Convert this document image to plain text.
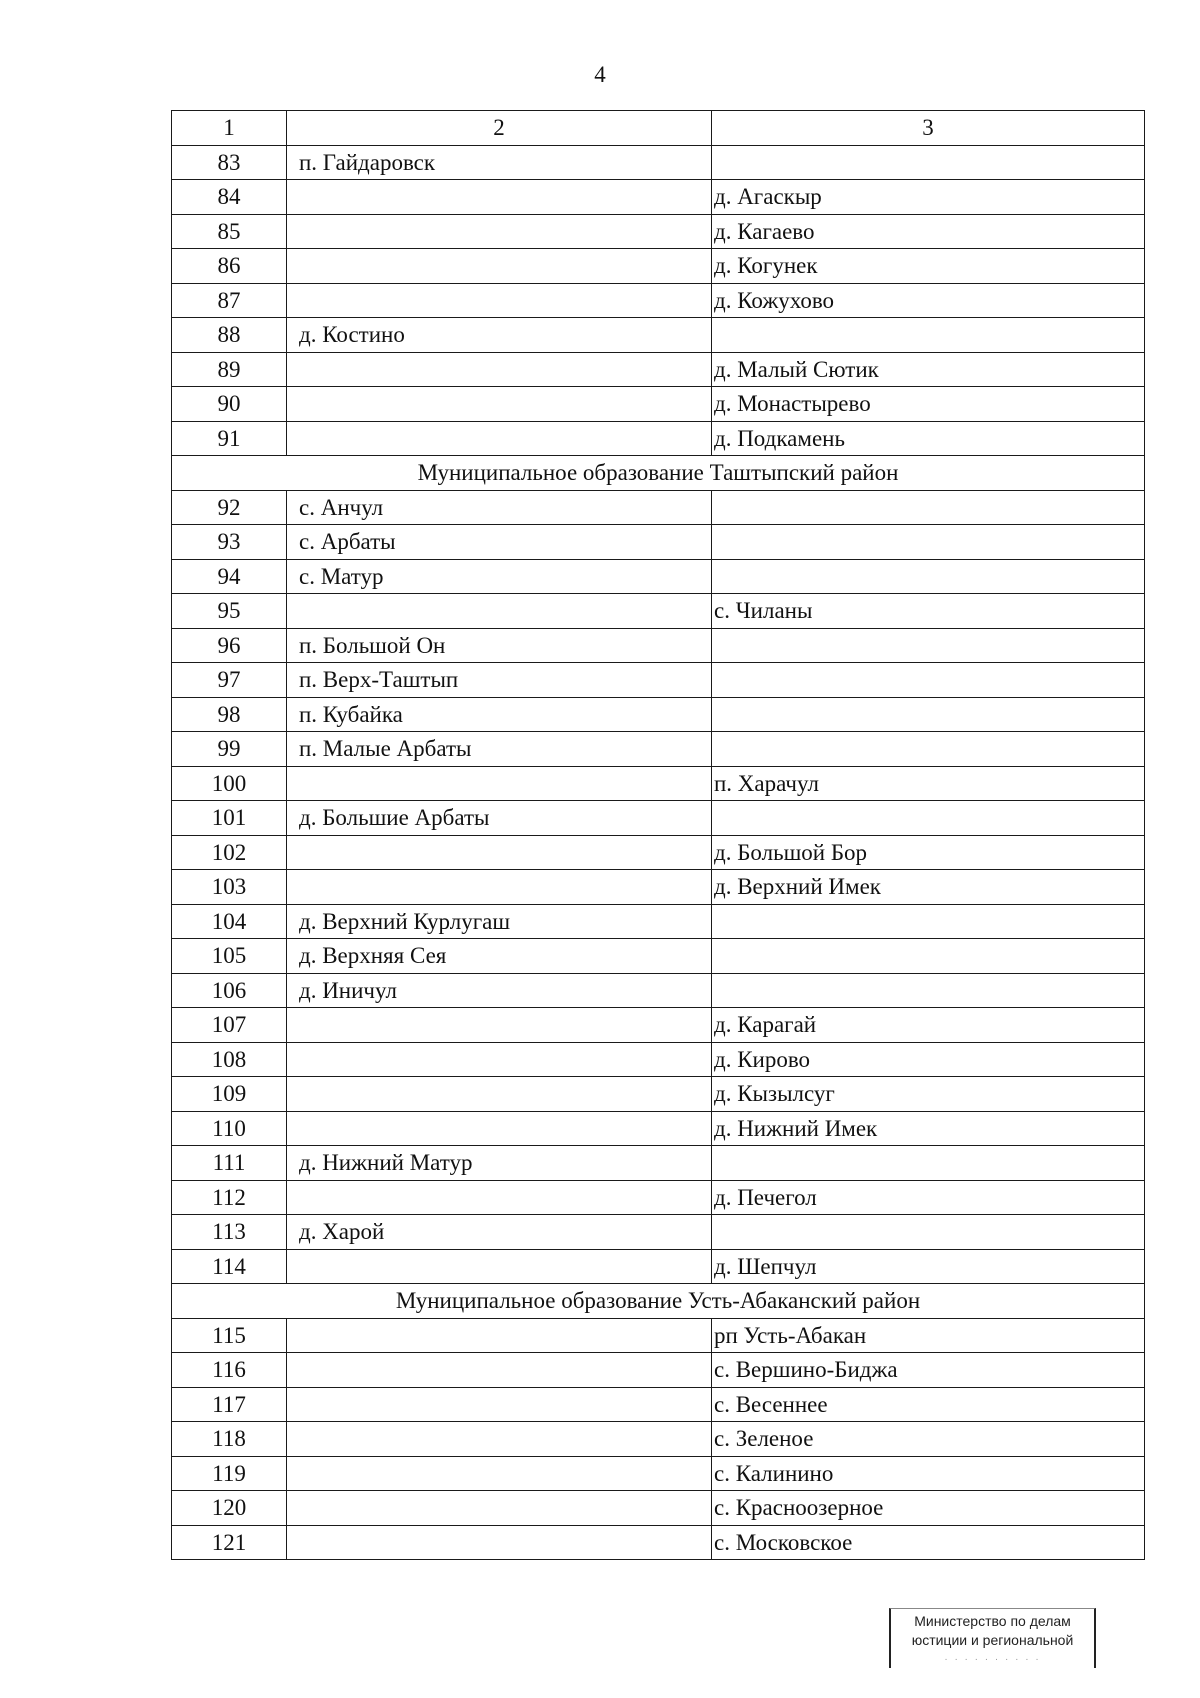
4
1	2	3
83	п. Гайдаровск	
84		д. Агаскыр
85		д. Кагаево
86		д. Когунек
87		д. Кожухово
88	д. Костино	
89		д. Малый Сютик
90		д. Монастырево
91		д. Подкамень
Муниципальное образование Таштыпский район		
92	с. Анчул	
93	с. Арбаты	
94	с. Матур	
95		с. Чиланы
96	п. Большой Он	
97	п. Верх-Таштып	
98	п. Кубайка	
99	п. Малые Арбаты	
100		п. Харачул
101	д. Большие Арбаты	
102		д. Большой Бор
103		д. Верхний Имек
104	д. Верхний Курлугаш	
105	д. Верхняя Сея	
106	д. Иничул	
107		д. Карагай
108		д. Кирово
109		д. Кызылсуг
110		д. Нижний Имек
111	д. Нижний Матур	
112		д. Печегол
113	д. Харой	
114		д. Шепчул
Муниципальное образование Усть-Абаканский район		
115		рп Усть-Абакан
116		с. Вершино-Биджа
117		с. Весеннее
118		с. Зеленое
119		с. Калинино
120		с. Красноозерное
121		с. Московское
Министерство по делам
юстиции и региональной
· · · · · · · · · ·
